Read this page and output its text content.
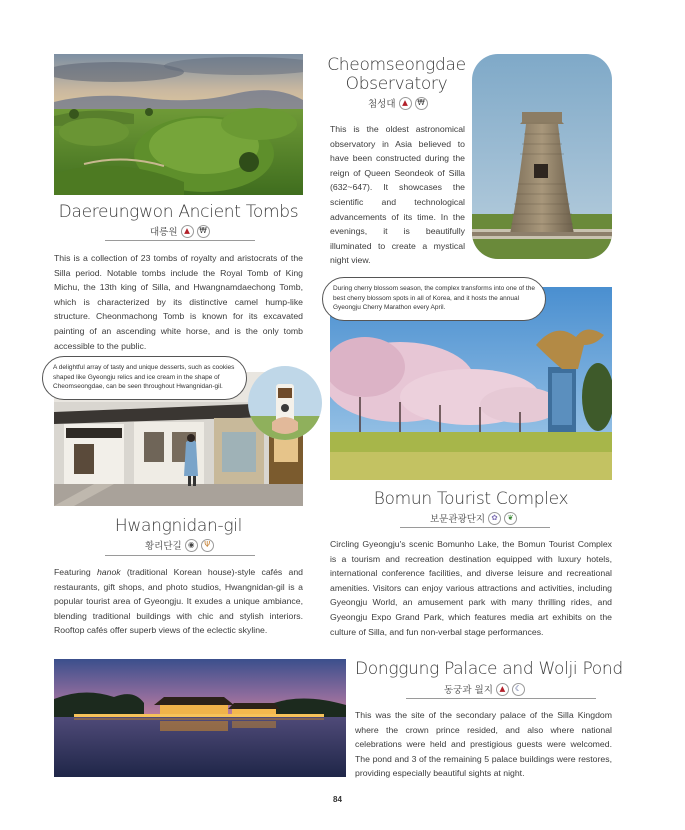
Daereungwon Ancient Tombs
대릉원 ▲	₩
This is a collection of 23 tombs of royalty and aristocrats of the Silla period. Notable tombs include the Royal Tomb of King Michu, the 13th king of Silla, and Hwangnamdaechong Tomb, which is characterized by its distinctive camel hump-like structure. Cheonmachong Tomb is known for its excavated painting of an ascending white horse, and is the only tomb accessible to the public.
Cheomseongdae
Observatory
첨성대 ▲	₩
This is the oldest astronomical observatory in Asia believed to have been constructed during the reign of Queen Seondeok of Silla (632~647). It showcases the scientific and technological advancements of its time. In the evenings, it is beautifully illuminated to create a mystical night view.
A delightful array of tasty and unique desserts, such as cookies shaped like Gyeongju relics and ice cream in the shape of Cheomseongdae, can be seen throughout Hwangnidan-gil.
Hwangnidan-gil
황리단길 ◉	Ψ
Featuring hanok (traditional Korean house)-style cafés and restaurants, gift shops, and photo studios, Hwangnidan-gil is a popular tourist area of Gyeongju. It exudes a unique ambiance, blending traditional buildings with chic and stylish interiors. Rooftop cafés offer superb views of the eclectic skyline.
During cherry blossom season, the complex transforms into one of the best cherry blossom spots in all of Korea, and it hosts the annual Gyeongju Cherry Marathon every April.
Bomun Tourist Complex
보문관광단지 ✿	❦
Circling Gyeongju's scenic Bomunho Lake, the Bomun Tourist Complex is a tourism and recreation destination equipped with luxury hotels, international conference facilities, and diverse leisure and recreational amenities. Visitors can enjoy various attractions and activities, including Gyeongju World, an amusement park with many thrilling rides, and Gyeongju Expo Grand Park, which features media art exhibits on the culture of Silla, and fun non-verbal stage performances.
Donggung Palace and Wolji Pond
동궁과 월지 ▲	☾
This was the site of the secondary palace of the Silla Kingdom where the crown prince resided, and also where national celebrations were held and prestigious guests were welcomed. The pond and 3 of the remaining 5 palace buildings were restores, providing especially beautiful sights at night.
84
